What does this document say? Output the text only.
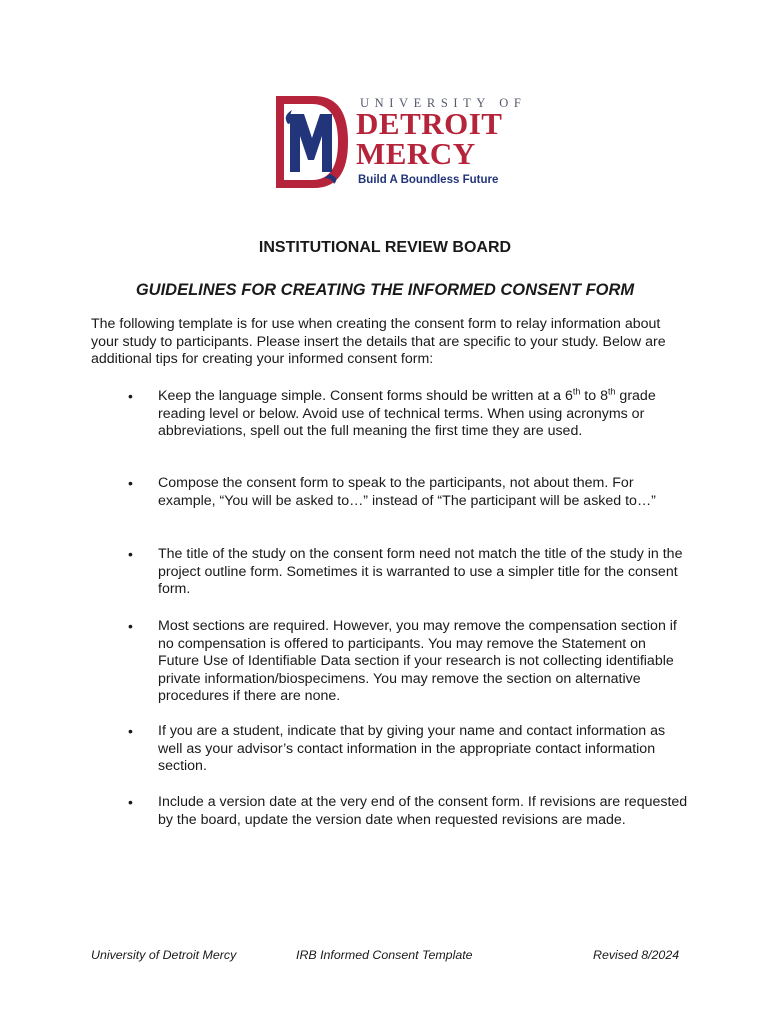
UNIVERSITY OF
DETROIT
MERCY
Build A Boundless Future
INSTITUTIONAL REVIEW BOARD
GUIDELINES FOR CREATING THE INFORMED CONSENT FORM

The following template is for use when creating the consent form to relay information about your study to participants. Please insert the details that are specific to your study. Below are additional tips for creating your informed consent form:

•	Keep the language simple. Consent forms should be written at a 6th to 8th grade reading level or below. Avoid use of technical terms. When using acronyms or abbreviations, spell out the full meaning the first time they are used.
•	Compose the consent form to speak to the participants, not about them. For example, “You will be asked to…” instead of “The participant will be asked to…”
•	The title of the study on the consent form need not match the title of the study in the project outline form. Sometimes it is warranted to use a simpler title for the consent form.
•	Most sections are required. However, you may remove the compensation section if no compensation is offered to participants. You may remove the Statement on Future Use of Identifiable Data section if your research is not collecting identifiable private information/biospecimens. You may remove the section on alternative procedures if there are none.
•	If you are a student, indicate that by giving your name and contact information as well as your advisor’s contact information in the appropriate contact information section.
•	Include a version date at the very end of the consent form. If revisions are requested by the board, update the version date when requested revisions are made.
University of Detroit Mercy	IRB Informed Consent Template	Revised 8/2024
